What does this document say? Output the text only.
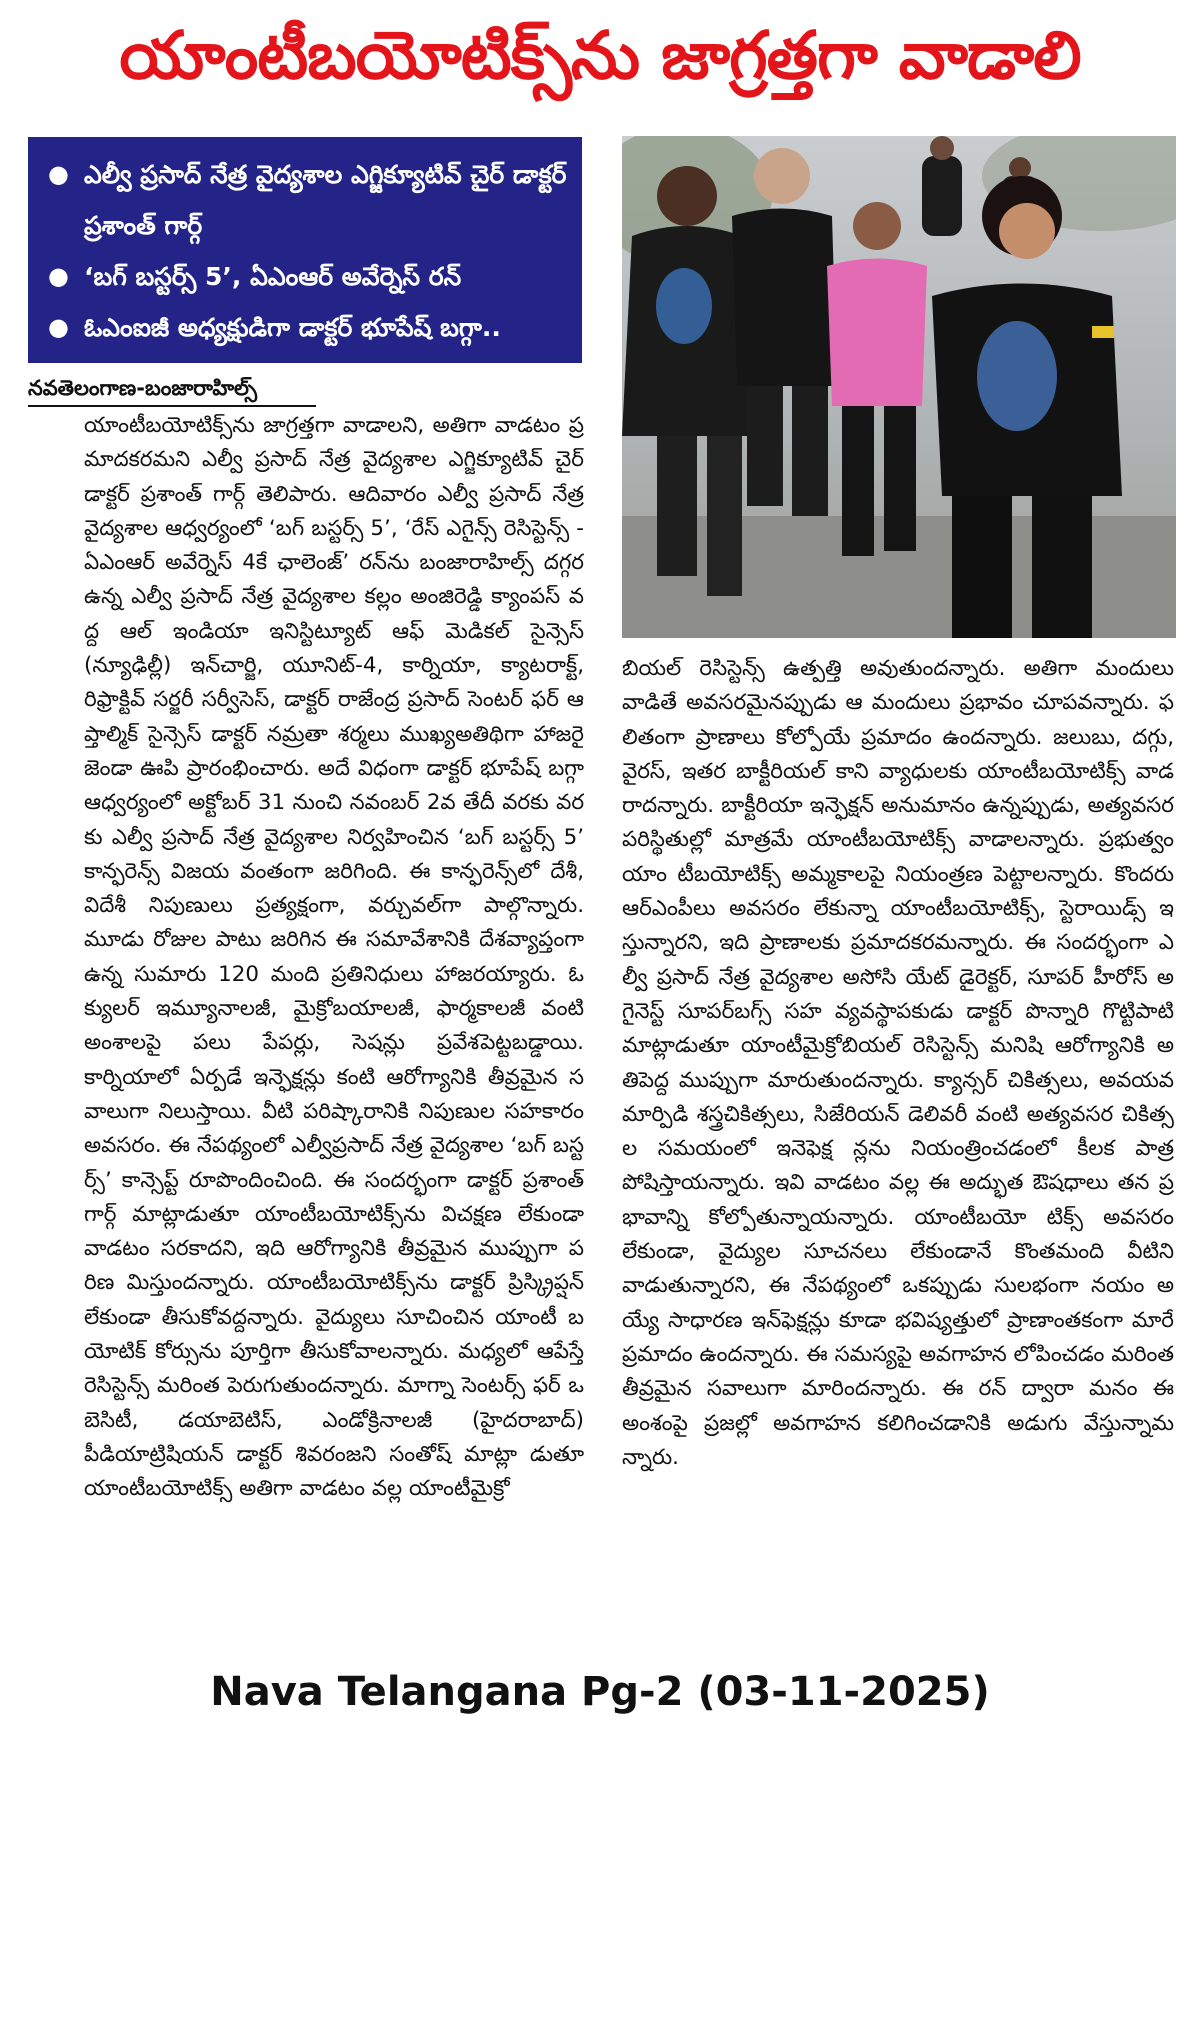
యాంటీబయోటిక్స్‌ను జాగ్రత్తగా వాడాలి
● ఎల్వీ ప్రసాద్‌ నేత్ర వైద్యశాల ఎగ్జిక్యూటివ్‌ చైర్‌ డాక్టర్‌ ప్రశాంత్‌ గార్గ్‌
● ‘బగ్‌ బస్టర్స్‌ 5’, ఏఎంఆర్‌ అవేర్నెస్‌ రన్‌
● ఓఎంఐజీ అధ్యక్షుడిగా డాక్టర్‌ భూపేష్‌ బగ్గా..
నవతెలంగాణ-బంజారాహిల్స్‌
యాంటీబయోటిక్స్‌ను జాగ్రత్తగా వాడాలని, అతిగా వాడటం ప్రమాదకరమని ఎల్వీ ప్రసాద్‌ నేత్ర వైద్యశాల ఎగ్జిక్యూటివ్‌ చైర్‌ డాక్టర్‌ ప్రశాంత్‌ గార్గ్‌ తెలిపారు. ఆదివారం ఎల్వీ ప్రసాద్‌ నేత్ర వైద్యశాల ఆధ్వర్యంలో ‘బగ్‌ బస్టర్స్‌ 5’, ‘రేస్‌ ఎగైన్స్‌ రెసిస్టెన్స్‌ - ఏఎంఆర్‌ అవేర్నెస్‌ 4కే ఛాలెంజ్‌’ రన్‌ను బంజారాహిల్స్‌ దగ్గర ఉన్న ఎల్వీ ప్రసాద్‌ నేత్ర వైద్యశాల కల్లం అంజిరెడ్డి క్యాంపస్‌ వద్ద ఆల్‌ ఇండియా ఇనిస్టిట్యూట్‌ ఆఫ్‌ మెడికల్‌ సైన్సెస్‌ (న్యూఢిల్లీ) ఇన్‌చార్జి, యూనిట్‌-4, కార్నియా, క్యాటరాక్ట్‌, రిఫ్రాక్టివ్‌ సర్జరీ సర్వీసెస్‌, డాక్టర్‌ రాజేంద్ర ప్రసాద్‌ సెంటర్‌ ఫర్‌ ఆప్తాల్మిక్‌ సైన్సెస్‌ డాక్టర్‌ నమ్రతా శర్మలు ముఖ్యఅతిథిగా హాజరై జెండా ఊపి ప్రారంభించారు. అదే విధంగా డాక్టర్‌ భూపేష్‌ బగ్గా ఆధ్వర్యంలో అక్టోబర్‌ 31 నుంచి నవంబర్‌ 2వ తేదీ వరకు వరకు ఎల్వీ ప్రసాద్‌ నేత్ర వైద్యశాల నిర్వహించిన ‘బగ్‌ బస్టర్స్‌ 5’ కాన్ఫరెన్స్‌ విజయ వంతంగా జరిగింది. ఈ కాన్ఫరెన్స్‌లో దేశీ, విదేశీ నిపుణులు ప్రత్యక్షంగా, వర్చువల్‌గా పాల్గొన్నారు. మూడు రోజుల పాటు జరిగిన ఈ సమావేశానికి దేశవ్యాప్తంగా ఉన్న సుమారు 120 మంది ప్రతినిధులు హాజరయ్యారు. ఓక్యులర్‌ ఇమ్యూనాలజీ, మైక్రోబయాలజీ, ఫార్మకాలజీ వంటి అంశాలపై పలు పేపర్లు, సెషన్లు ప్రవేశపెట్టబడ్డాయి. కార్నియాలో ఏర్పడే ఇన్ఫెక్షన్లు కంటి ఆరోగ్యానికి తీవ్రమైన సవాలుగా నిలుస్తాయి. వీటి పరిష్కారానికి నిపుణుల సహకారం అవసరం. ఈ నేపథ్యంలో ఎల్వీప్రసాద్‌ నేత్ర వైద్యశాల ‘బగ్‌ బస్టర్స్‌’ కాన్సెప్ట్‌ రూపొందించింది. ఈ సందర్భంగా డాక్టర్‌ ప్రశాంత్‌ గార్గ్‌ మాట్లాడుతూ యాంటీబయోటిక్స్‌ను విచక్షణ లేకుండా వాడటం సరకాదని, ఇది ఆరోగ్యానికి తీవ్రమైన ముప్పుగా పరిణ మిస్తుందన్నారు. యాంటీబయోటిక్స్‌ను డాక్టర్‌ ప్రిస్క్రిప్షన్‌ లేకుండా తీసుకోవద్దన్నారు. వైద్యులు సూచించిన యాంటీ బయోటిక్‌ కోర్సును పూర్తిగా తీసుకోవాలన్నారు. మధ్యలో ఆపేస్తే రెసిస్టెన్స్‌ మరింత పెరుగుతుందన్నారు. మాగ్నా సెంటర్స్‌ ఫర్‌ ఒబెసిటీ, డయాబెటిస్‌, ఎండోక్రినాలజీ (హైదరాబాద్‌) పీడియాట్రిషియన్‌ డాక్టర్‌ శివరంజని సంతోష్‌ మాట్లా డుతూ యాంటీబయోటిక్స్‌ అతిగా వాడటం వల్ల యాంటీమైక్రో
బియల్‌ రెసిస్టెన్స్‌ ఉత్పత్తి అవుతుందన్నారు. అతిగా మందులు వాడితే అవసరమైనప్పుడు ఆ మందులు ప్రభావం చూపవన్నారు. ఫలితంగా ప్రాణాలు కోల్పోయే ప్రమాదం ఉందన్నారు. జలుబు, దగ్గు, వైరస్‌, ఇతర బాక్టీరియల్‌ కాని వ్యాధులకు యాంటీబయోటిక్స్‌ వాడరాదన్నారు. బాక్టీరియా ఇన్ఫెక్షన్‌ అనుమానం ఉన్నప్పుడు, అత్యవసర పరిస్థితుల్లో మాత్రమే యాంటీబయోటిక్స్‌ వాడాలన్నారు. ప్రభుత్వం యాం టీబయోటిక్స్‌ అమ్మకాలపై నియంత్రణ పెట్టాలన్నారు. కొందరు ఆర్‌ఎంపీలు అవసరం లేకున్నా యాంటీబయోటిక్స్‌, స్టెరాయిడ్స్‌ ఇస్తున్నారని, ఇది ప్రాణాలకు ప్రమాదకరమన్నారు. ఈ సందర్భంగా ఎల్వీ ప్రసాద్‌ నేత్ర వైద్యశాల అసోసి యేట్‌ డైరెక్టర్‌, సూపర్‌ హీరోస్‌ అగైనెస్ట్‌ సూపర్‌బగ్స్‌ సహ వ్యవస్థాపకుడు డాక్టర్‌ పొన్నారి గొట్టిపాటి మాట్లాడుతూ యాంటీమైక్రోబియల్‌ రెసిస్టెన్స్‌ మనిషి ఆరోగ్యానికి అతిపెద్ద ముప్పుగా మారుతుందన్నారు. క్యాన్సర్‌ చికిత్సలు, అవయవమార్పిడి శస్త్రచికిత్సలు, సిజేరియన్‌ డెలివరీ వంటి అత్యవసర చికిత్సల సమయంలో ఇనెఫెక్ష న్లను నియంత్రించడంలో కీలక పాత్ర పోషిస్తాయన్నారు. ఇవి వాడటం వల్ల ఈ అద్భుత ఔషధాలు తన ప్రభావాన్ని కోల్పోతున్నాయన్నారు. యాంటీబయో టిక్స్‌ అవసరం లేకుండా, వైద్యుల సూచనలు లేకుండానే కొంతమంది వీటిని వాడుతున్నారని, ఈ నేపథ్యంలో ఒకప్పుడు సులభంగా నయం అయ్యే సాధారణ ఇన్‌ఫెక్షన్లు కూడా భవిష్యత్తులో ప్రాణాంతకంగా మారే ప్రమాదం ఉందన్నారు. ఈ సమస్యపై అవగాహన లోపించడం మరింత తీవ్రమైన సవాలుగా మారిందన్నారు. ఈ రన్‌ ద్వారా మనం ఈ అంశంపై ప్రజల్లో అవగాహన కలిగించడానికి అడుగు వేస్తున్నామన్నారు.
Nava Telangana Pg-2 (03-11-2025)
